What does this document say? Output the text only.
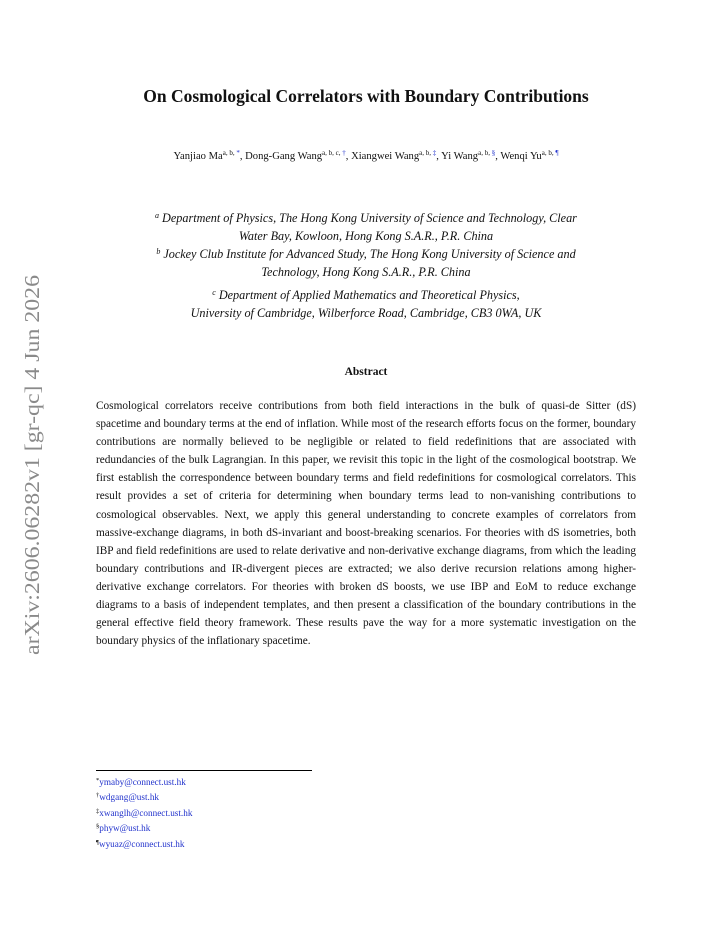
arXiv:2606.06282v1 [gr-qc] 4 Jun 2026
On Cosmological Correlators with Boundary Contributions
Yanjiao $Ma^{a, b, *}$, Dong-Gang Wang$^{a, b, c, \dagger}$, Xiangwei Wang$^{a, b, \ddagger}$, Yi Wang$^{a, b, \S}$, Wenqi $Yu^{a, b, \P}$

$^a$ Department of Physics, The Hong Kong University of Science and Technology, Clear
Water Bay, Kowloon, Hong Kong S.A.R., P.R. China

$^b$ Jockey Club Institute for Advanced Study, The Hong Kong University of Science and
Technology, Hong Kong S.A.R., P.R. China

$^c$ Department of Applied Mathematics and Theoretical Physics,
University of Cambridge, Wilberforce Road, Cambridge, CB3 0WA, UK

Abstract

Cosmological correlators receive contributions from both field interactions in the bulk of quasi-de Sitter (dS) spacetime and boundary terms at the end of inflation. While most of the research efforts focus on the former, boundary contributions are normally believed to be negligible or related to field redefinitions that are associated with redundancies of the bulk Lagrangian. In this paper, we revisit this topic in the light of the cosmological bootstrap. We first establish the correspondence between boundary terms and field redefinitions for cosmological correlators. This result provides a set of criteria for determining when boundary terms lead to non-vanishing contributions to cosmological observables. Next, we apply this general understanding to concrete examples of correlators from massive-exchange diagrams, in both dS-invariant and boost-breaking scenarios. For theories with dS isometries, both IBP and field redefinitions are used to relate derivative and non-derivative exchange diagrams, from which the leading boundary contributions and IR-divergent pieces are extracted; we also derive recursion relations among higher-derivative exchange correlators. For theories with broken dS boosts, we use IBP and EoM to reduce exchange diagrams to a basis of independent templates, and then present a classification of the boundary contributions in the general effective field theory framework. These results pave the way for a more systematic investigation on the boundary physics of the inflationary spacetime.

*ymaby@connect.ust.hk
†wdgang@ust.hk
‡xwanglh@connect.ust.hk
§phyw@ust.hk
¶wyuaz@connect.ust.hk
